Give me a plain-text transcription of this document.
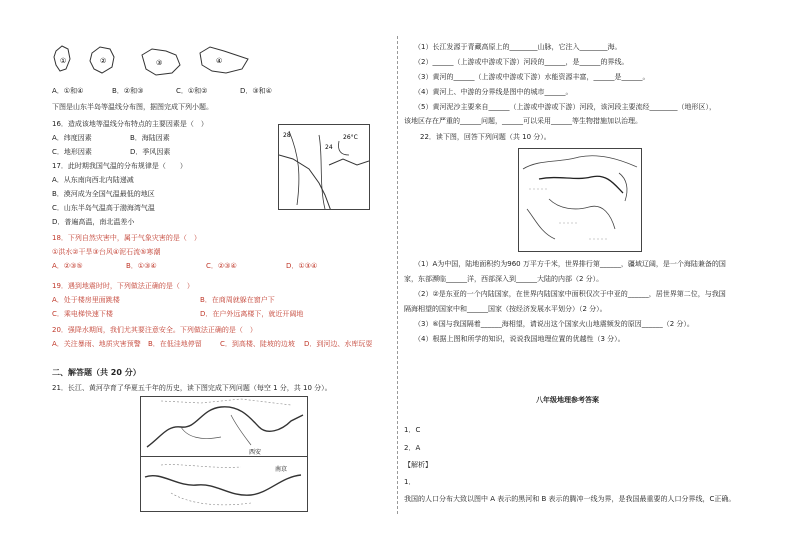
①	②	③	④
A．①和④	B．②和③	C．①和②	D．③和④
下图是山东半岛等温线分布图，据图完成下列小题。
16．造成该地等温线分布特点的主要因素是（　）
A．纬度因素	B．海陆因素
C．地形因素	D．季风因素
28
24
26°C
17．此时期我国气温的分布规律是（　　）
A．从东南向西北内陆递减
B．漠河成为全国气温最低的地区
C．山东半岛气温高于渤海湾气温
D．普遍高温，南北温差小
18．下列自然灾害中，属于气象灾害的是（　）
①洪水②干旱③台风④泥石流⑤寒潮
A．②③⑤	B．①③④	C．②③④	D．①③④
19．遇到地震时时，下列做法正确的是（　）
A．处于楼房里面跳楼	B．在商周就躲在窗户下
C．乘电梯快速下楼	D．在户外远离楼下，就近开阔地
20．强降水期间，我们尤其要注意安全。下列做法正确的是（　）
A．关注暴雨、地质灾害预警 B．在低洼地停留	C．到高楼、陡坡的边坡 D．到河边、水库玩耍
二、解答题（共 20 分）
21．长江、黄河孕育了华夏五千年的历史，读下图完成下列问题（每空 1 分，共 10 分）。
西安
南京
（1）长江发源于青藏高原上的________山脉，它注入________海。
（2）______（上游或中游或下游）河段的______，是______的界线。
（3）黄河的______（上游或中游或下游）水能资源丰富，______是______。
（4）黄河上、中游的分界线是图中的城市______。
（5）黄河泥沙主要来自______（上游或中游或下游）河段，该河段主要流经________（地形区），
该地区存在严重的______问题，______可以采用______等生物措施加以治理。
22．读下图，回答下列问题（共 10 分）。
（1）A为中国，陆地面积约为960 万平方千米，世界排行第______，疆域辽阔，是一个海陆兼备的国
家，东部濒临______洋，西部深入到______大陆的内部（2 分）。
（2）②是东亚的一个内陆国家，在世界内陆国家中面积仅次于中亚的______，居世界第二位，与我国
隔海相望的国家中和______国家（按经济发展水平划分）（2 分）。
（3）⑥国与我国隔着______海相望，请说出这个国家火山地震频发的原因______（2 分）。
（4）根据上图和所学的知识，说说我国地理位置的优越性（3 分）。
八年级地理参考答案
1．C
2．A
【解析】
1．
我国的人口分布大致以图中 A 表示的黑河和 B 表示的腾冲一线为界，是我国最重要的人口分界线，C正确。
